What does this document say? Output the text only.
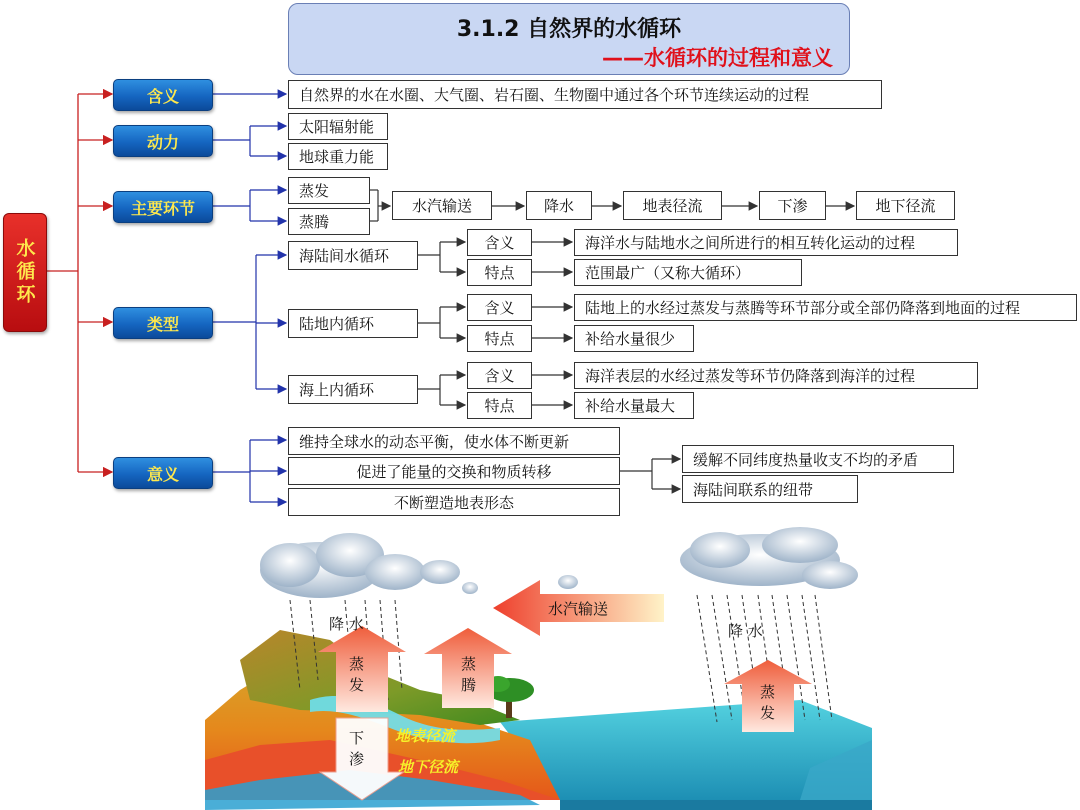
3.1.2 自然界的水循环
——水循环的过程和意义
水循环
含义
动力
主要环节
类型
意义
自然界的水在水圈、大气圈、岩石圈、生物圈中通过各个环节连续运动的过程
太阳辐射能
地球重力能
蒸发
蒸腾
水汽输送	降水	地表径流	下渗	地下径流
海陆间水循环
含义
特点
海洋水与陆地水之间所进行的相互转化运动的过程
范围最广（又称大循环）
陆地内循环
含义
特点
陆地上的水经过蒸发与蒸腾等环节部分或全部仍降落到地面的过程
补给水量很少
海上内循环
含义
特点
海洋表层的水经过蒸发等环节仍降落到海洋的过程
补给水量最大
维持全球水的动态平衡，使水体不断更新
促进了能量的交换和物质转移
不断塑造地表形态
缓解不同纬度热量收支不均的矛盾
海陆间联系的纽带
降 水	降 水
蒸发	蒸腾
蒸发
下渗
水汽输送
地表径流
地下径流
